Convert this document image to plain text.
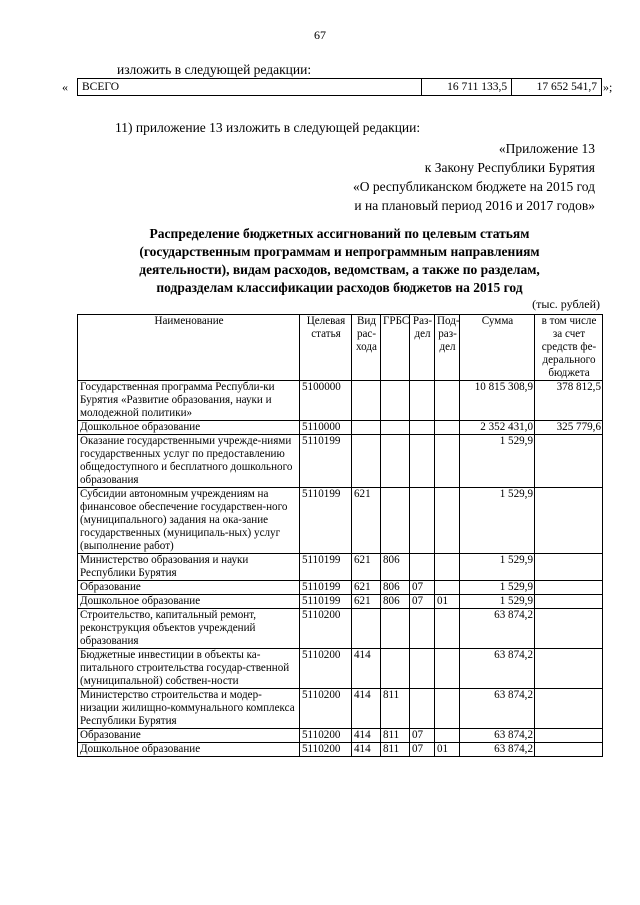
67
изложить в следующей редакции:
« ВСЕГО	16 711 133,5	17 652 541,7 »;
11) приложение 13 изложить в следующей редакции:
«Приложение 13
к Закону Республики Бурятия
«О республиканском бюджете на 2015 год
и на плановый период 2016 и 2017 годов»
Распределение бюджетных ассигнований по целевым статьям
(государственным программам и непрограммным направлениям
деятельности), видам расходов, ведомствам, а также по разделам,
подразделам классификации расходов бюджетов на 2015 год
(тыс. рублей)
Наименование	Целевая статья	Вид рас-хода	ГРБС	Раз-дел	Под-раз-дел	Сумма	в том числе за счет средств фе-дерального бюджета
Государственная программа Республи-ки Бурятия «Развитие образования, науки и молодежной политики»	5100000					10 815 308,9	378 812,5
Дошкольное образование	5110000					2 352 431,0	325 779,6
Оказание государственными учрежде-ниями государственных услуг по предоставлению общедоступного и бесплатного дошкольного образования	5110199					1 529,9	
Субсидии автономным учреждениям на финансовое обеспечение государствен-ного (муниципального) задания на ока-зание государственных (муниципаль-ных) услуг (выполнение работ)	5110199	621				1 529,9	
Министерство образования и науки Республики Бурятия	5110199	621	806			1 529,9	
Образование	5110199	621	806	07		1 529,9	
Дошкольное образование	5110199	621	806	07	01	1 529,9	
Строительство, капитальный ремонт, реконструкция объектов учреждений образования	5110200					63 874,2	
Бюджетные инвестиции в объекты ка-питального строительства государ-ственной (муниципальной) собствен-ности	5110200	414				63 874,2	
Министерство строительства и модер-низации жилищно-коммунального комплекса Республики Бурятия	5110200	414	811			63 874,2	
Образование	5110200	414	811	07		63 874,2	
Дошкольное образование	5110200	414	811	07	01	63 874,2	
